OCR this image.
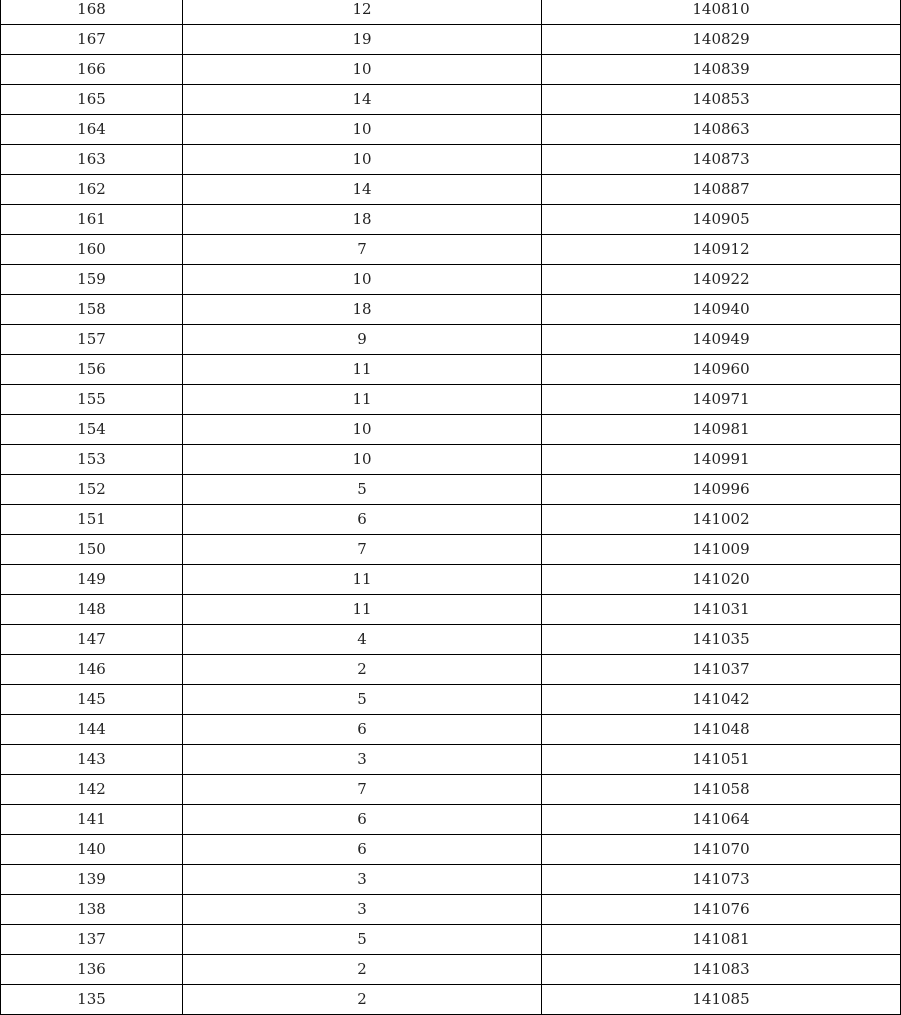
168	12	140810
167	19	140829
166	10	140839
165	14	140853
164	10	140863
163	10	140873
162	14	140887
161	18	140905
160	7	140912
159	10	140922
158	18	140940
157	9	140949
156	11	140960
155	11	140971
154	10	140981
153	10	140991
152	5	140996
151	6	141002
150	7	141009
149	11	141020
148	11	141031
147	4	141035
146	2	141037
145	5	141042
144	6	141048
143	3	141051
142	7	141058
141	6	141064
140	6	141070
139	3	141073
138	3	141076
137	5	141081
136	2	141083
135	2	141085
